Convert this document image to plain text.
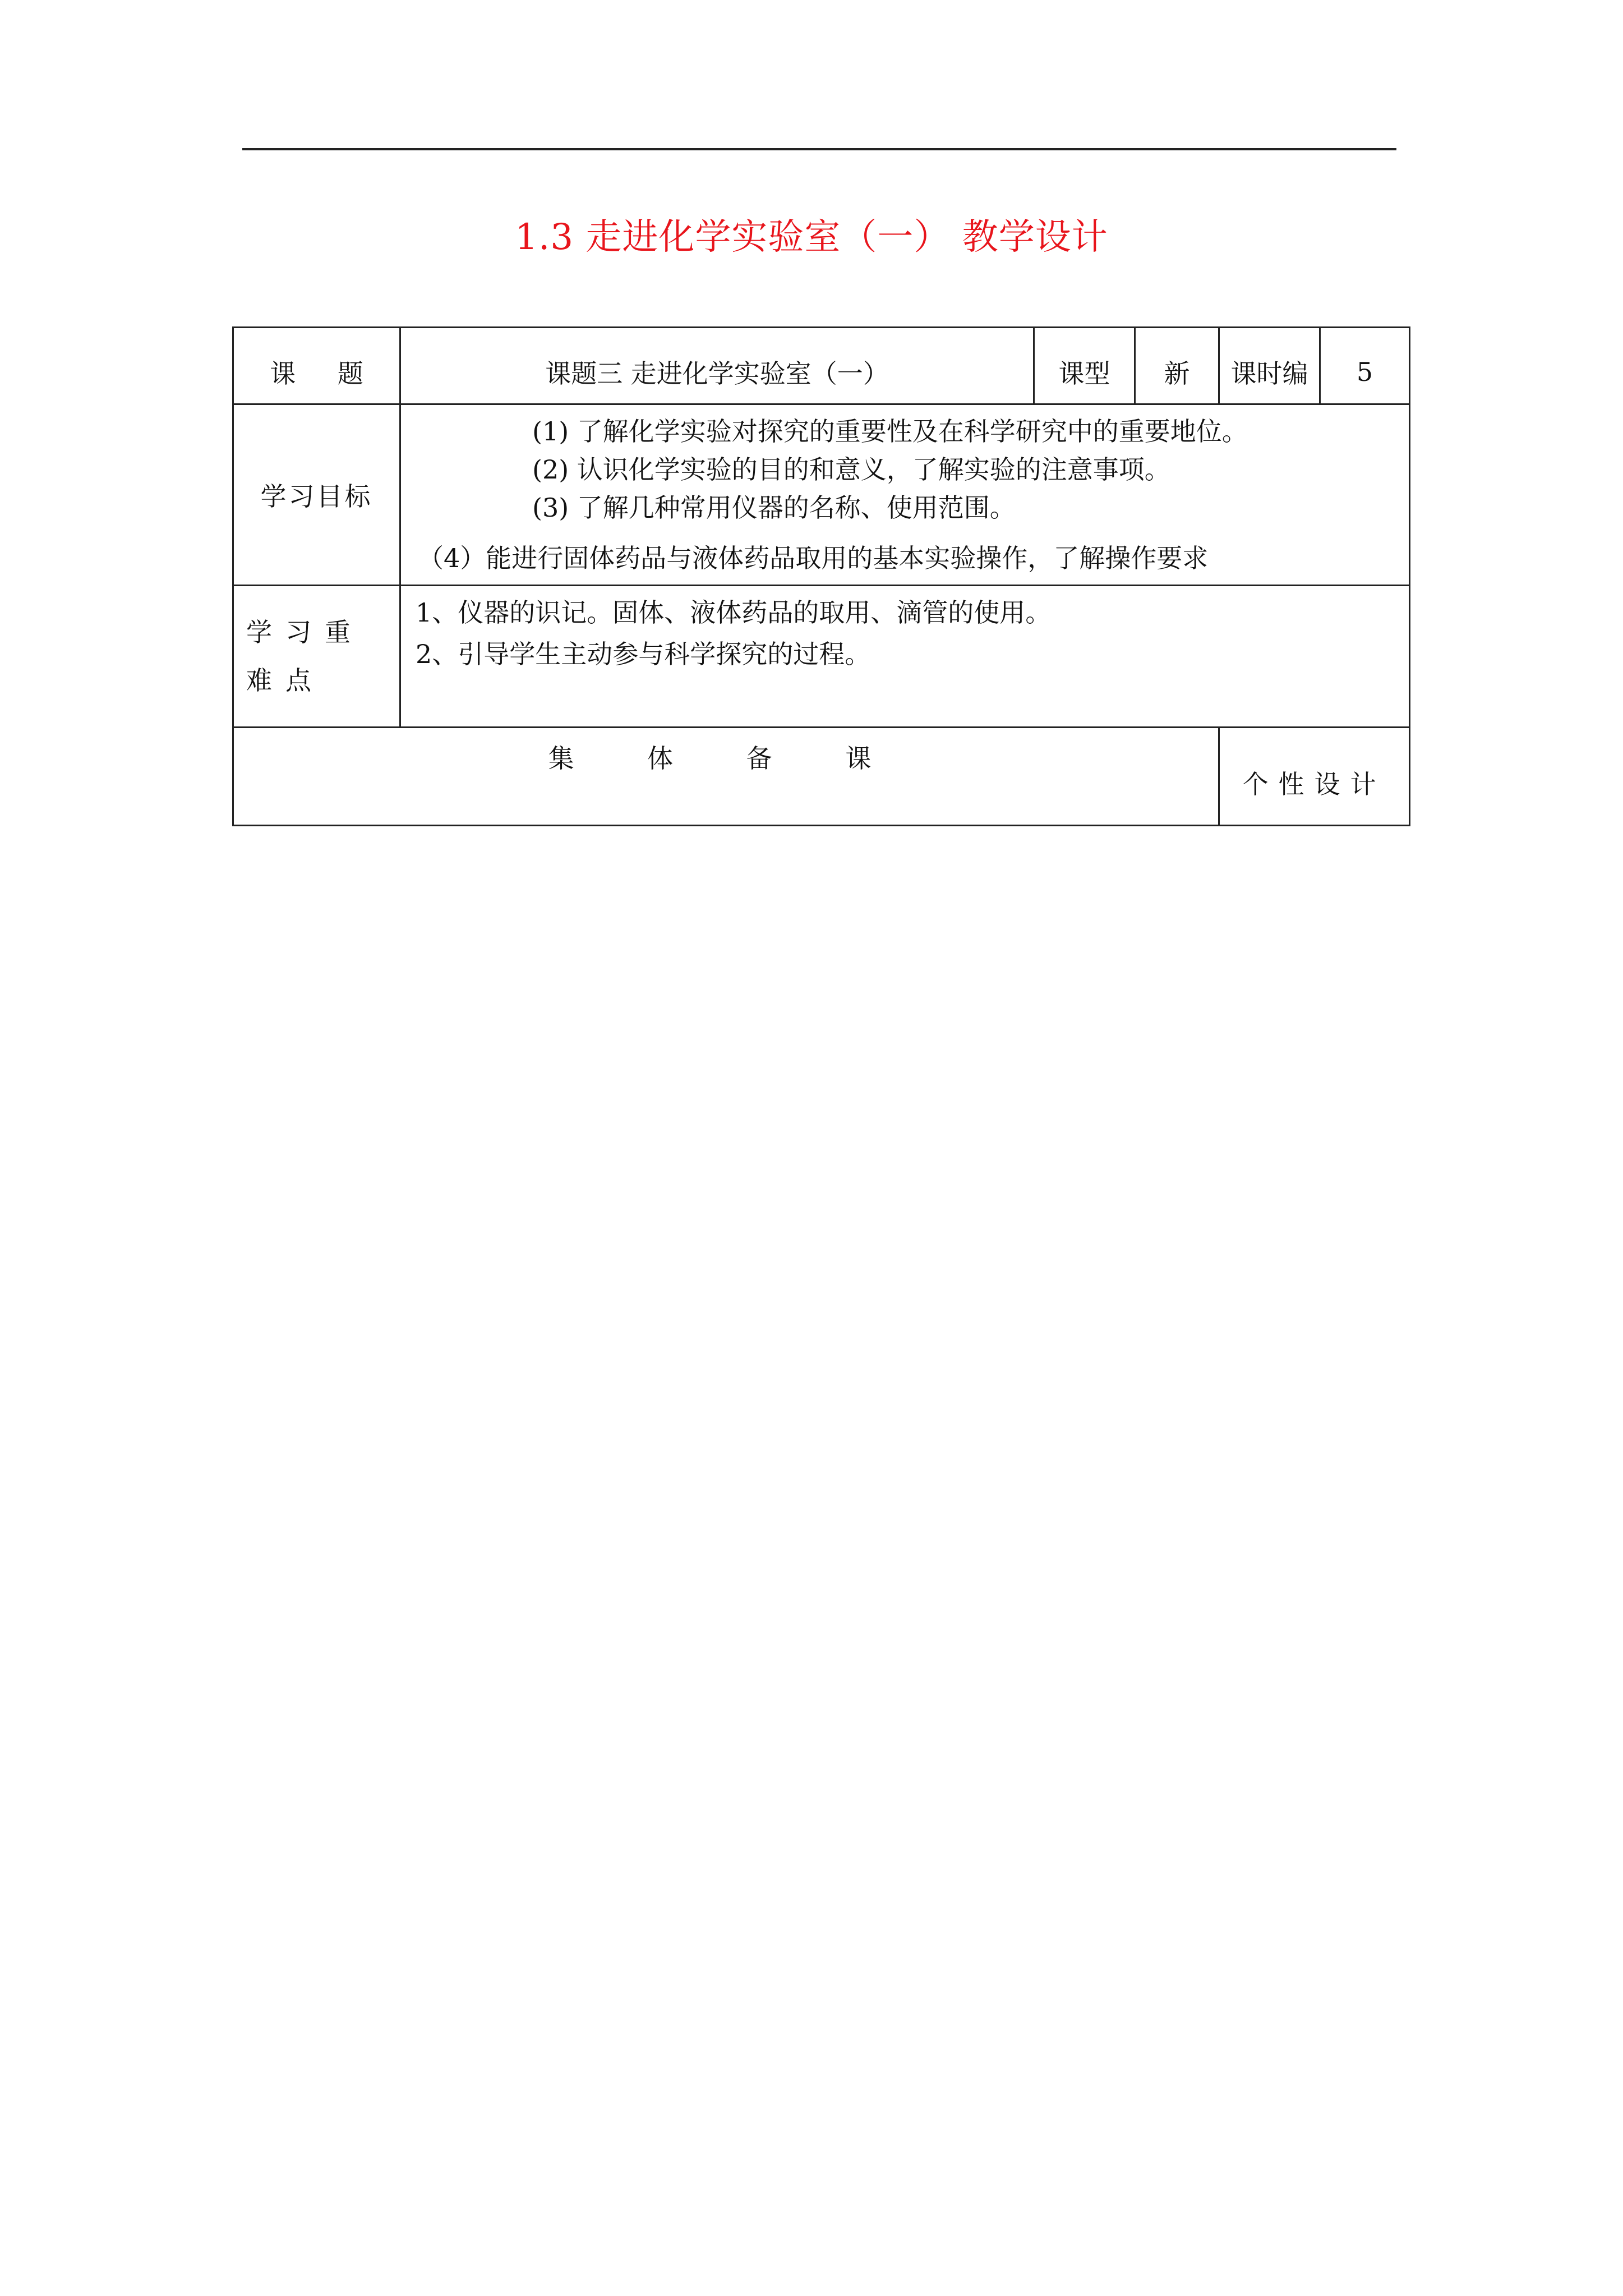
1.3 走进化学实验室（一） 教学设计
课 题	课题三 走进化学实验室（一）	课型	新	课时编	5
学习目标	(1) 了解化学实验对探究的重要性及在科学研究中的重要地位。
(2) 认识化学实验的目的和意义，了解实验的注意事项。
(3) 了解几种常用仪器的名称、使用范围。
（4）能进行固体药品与液体药品取用的基本实验操作，了解操作要求				

学习重难点	1、仪器的识记。固体、液体药品的取用、滴管的使用。
2、引导学生主动参与科学探究的过程。				

集 体 备 课				个性设计	
